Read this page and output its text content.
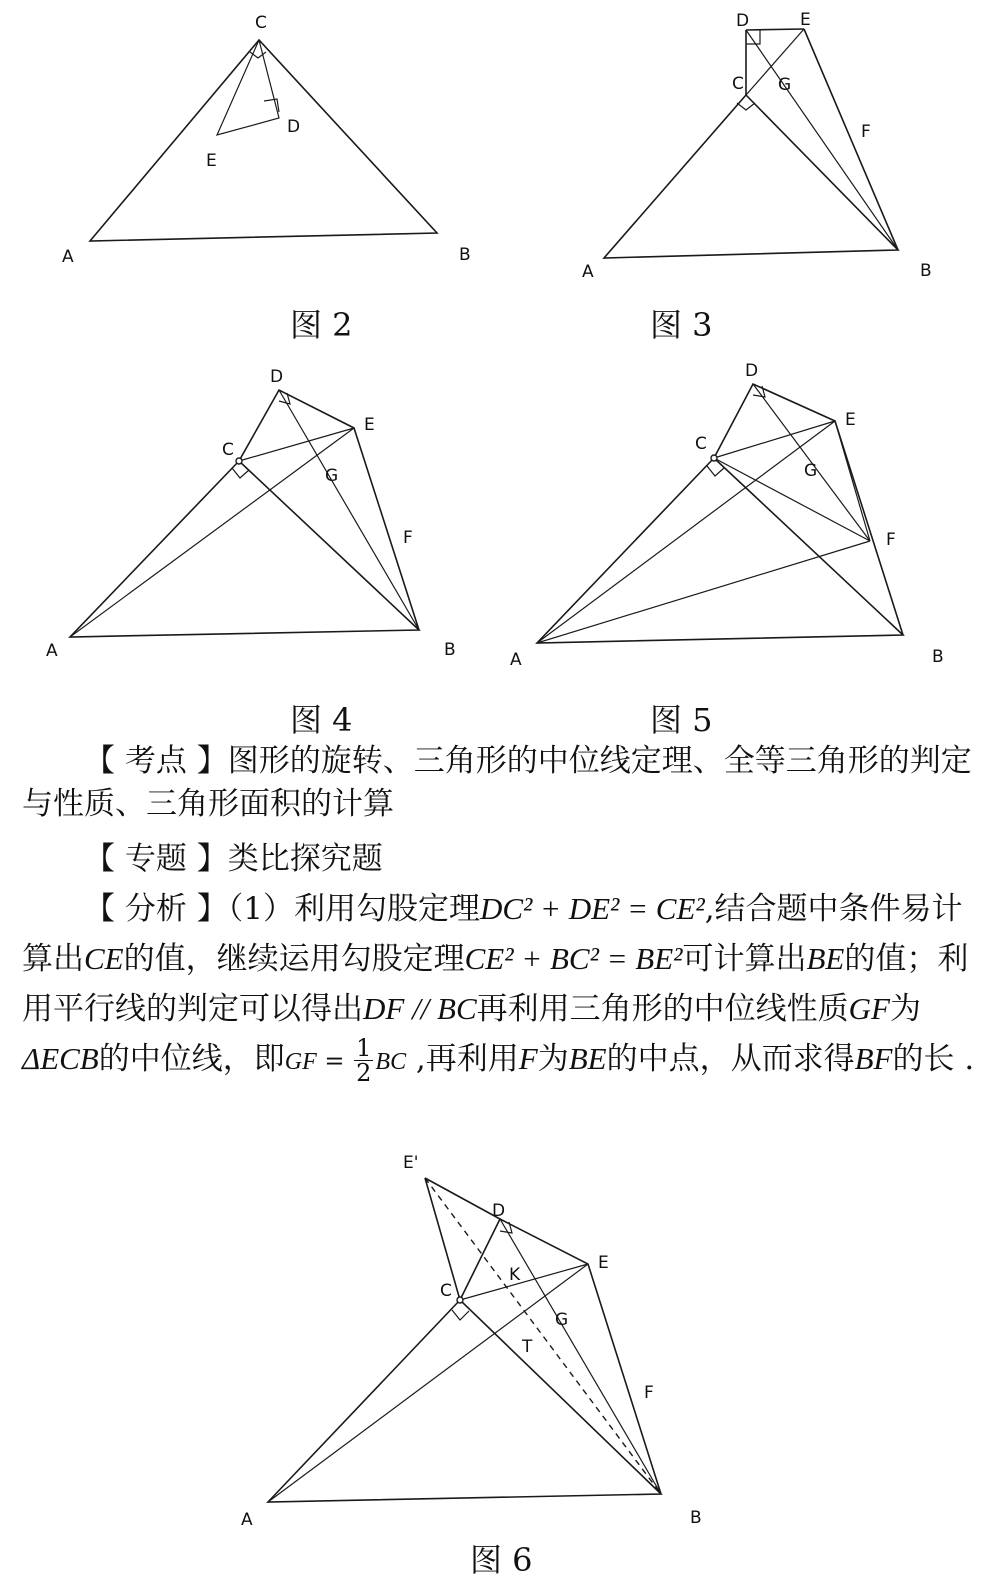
C
D
E
A	B
D	E
C G
F
A	B
D
E
C
G
F
A	B
D
E
C
G
F
A	B
E'
D
E
C
K
G
T
F
A	B
图 2	图 3
图 4	图 5
图 6
【 考点 】图形的旋转、三角形的中位线定理、全等三角形的判定与性质、三角形面积的计算
【 专题 】类比探究题
【 分析 】（1）利用勾股定理DC² + DE² = CE²,结合题中条件易计算出CE的值，继续运用勾股定理CE² + BC² = BE²可计算出BE的值；利用平行线的判定可以得出DF // BC再利用三角形的中位线性质GF为ΔECB的中位线，即GF = $\frac{1}{2}$ BC ,再利用F为BE的中点，从而求得BF的长 .
